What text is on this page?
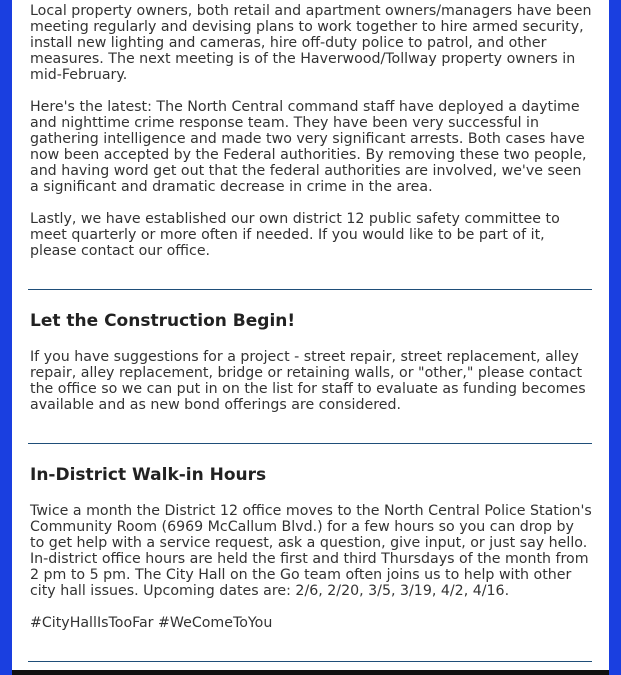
Local property owners, both retail and apartment owners/managers have been meeting regularly and devising plans to work together to hire armed security, install new lighting and cameras, hire off-duty police to patrol, and other measures. The next meeting is of the Haverwood/Tollway property owners in mid-February.

Here's the latest: The North Central command staff have deployed a daytime and nighttime crime response team. They have been very successful in gathering intelligence and made two very significant arrests. Both cases have now been accepted by the Federal authorities. By removing these two people, and having word get out that the federal authorities are involved, we've seen a significant and dramatic decrease in crime in the area.

Lastly, we have established our own district 12 public safety committee to meet quarterly or more often if needed. If you would like to be part of it, please contact our office.

Let the Construction Begin!

If you have suggestions for a project - street repair, street replacement, alley repair, alley replacement, bridge or retaining walls, or "other," please contact the office so we can put in on the list for staff to evaluate as funding becomes available and as new bond offerings are considered.

In-District Walk-in Hours

Twice a month the District 12 office moves to the North Central Police Station's Community Room (6969 McCallum Blvd.) for a few hours so you can drop by to get help with a service request, ask a question, give input, or just say hello. In-district office hours are held the first and third Thursdays of the month from 2 pm to 5 pm. The City Hall on the Go team often joins us to help with other city hall issues. Upcoming dates are: 2/6, 2/20, 3/5, 3/19, 4/2, 4/16.

#CityHallIsTooFar #WeComeToYou
